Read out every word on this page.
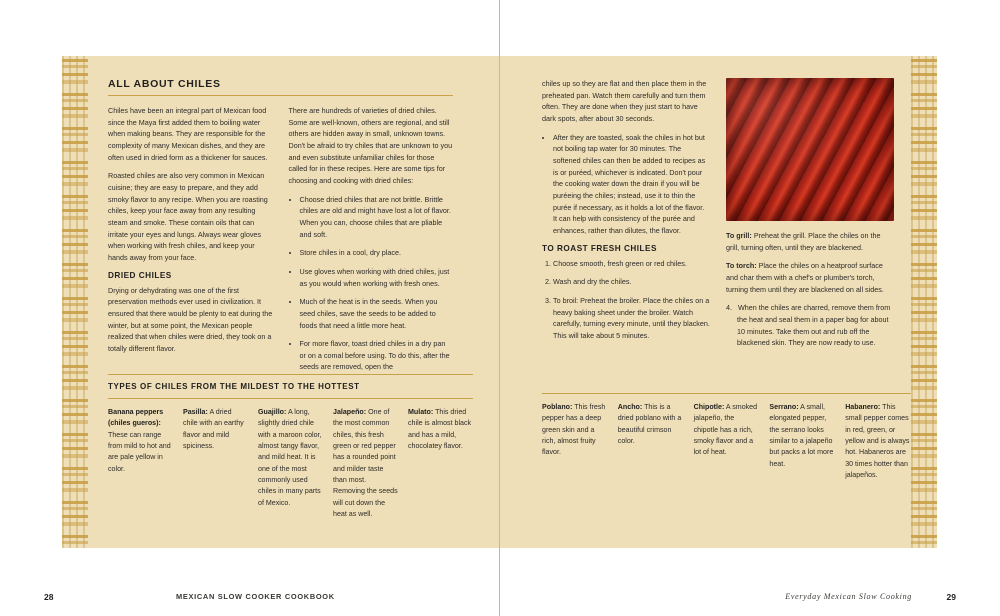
ALL ABOUT CHILES

Chiles have been an integral part of Mexican food since the Maya first added them to boiling water when making beans. They are responsible for the complexity of many Mexican dishes, and they are often used in dried form as a thickener for sauces.

Roasted chiles are also very common in Mexican cuisine; they are easy to prepare, and they add smoky flavor to any recipe. When you are roasting chiles, keep your face away from any resulting steam and smoke. These contain oils that can irritate your eyes and lungs. Always wear gloves when working with fresh chiles, and keep your hands away from your face.

DRIED CHILES

Drying or dehydrating was one of the first preservation methods ever used in civilization. It ensured that there would be plenty to eat during the winter, but at some point, the Mexican people realized that when chiles were dried, they took on a totally different flavor.

There are hundreds of varieties of dried chiles. Some are well-known, others are regional, and still others are hidden away in small, unknown towns. Don't be afraid to try chiles that are unknown to you and even substitute unfamiliar chiles for those called for in these recipes. Here are some tips for choosing and cooking with dried chiles:

• Choose dried chiles that are not brittle. Brittle chiles are old and might have lost a lot of flavor. When you can, choose chiles that are pliable and soft.
• Store chiles in a cool, dry place.
• Use gloves when working with dried chiles, just as you would when working with fresh ones.
• Much of the heat is in the seeds. When you seed chiles, save the seeds to be added to foods that need a little more heat.
• For more flavor, toast dried chiles in a dry pan or on a comal before using. To do this, after the seeds are removed, open the
TYPES OF CHILES FROM THE MILDEST TO THE HOTTEST
Banana peppers (chiles gueros): These can range from mild to hot and are pale yellow in color.
Pasilla: A dried chile with an earthy flavor and mild spiciness.
Guajillo: A long, slightly dried chile with a maroon color, almost tangy flavor, and mild heat. It is one of the most commonly used chiles in many parts of Mexico.
Jalapeño: One of the most common chiles, this fresh green or red pepper has a rounded point and milder taste than most. Removing the seeds will cut down the heat as well.
Mulato: This dried chile is almost black and has a mild, chocolatey flavor.

chiles up so they are flat and then place them in the preheated pan. Watch them carefully and turn them often. They are done when they just start to have dark spots, after about 30 seconds.

• After they are toasted, soak the chiles in hot but not boiling tap water for 30 minutes. The softened chiles can then be added to recipes as is or puréed, whichever is indicated. Don't pour the cooking water down the drain if you will be puréeing the chiles; instead, use it to thin the purée if necessary, as it holds a lot of the flavor. It can help with consistency of the purée and enhances, rather than dilutes, the flavor.
TO ROAST FRESH CHILES
1. Choose smooth, fresh green or red chiles.
2. Wash and dry the chiles.
3. To broil: Preheat the broiler. Place the chiles on a heavy baking sheet under the broiler. Watch carefully, turning every minute, until they blacken. This will take about 5 minutes.

To grill: Preheat the grill. Place the chiles on the grill, turning often, until they are blackened.

To torch: Place the chiles on a heatproof surface and char them with a chef's or plumber's torch, turning them until they are blackened on all sides.

4. When the chiles are charred, remove them from the heat and seal them in a paper bag for about 10 minutes. Take them out and rub off the blackened skin. They are now ready to use.

Poblano: This fresh pepper has a deep green skin and a rich, almost fruity flavor.
Ancho: This is a dried poblano with a beautiful crimson color.
Chipotle: A smoked jalapeño, the chipotle has a rich, smoky flavor and a lot of heat.
Serrano: A small, elongated pepper, the serrano looks similar to a jalapeño but packs a lot more heat.
Habanero: This small pepper comes in red, green, or yellow and is always hot. Habaneros are 30 times hotter than jalapeños.
28	MEXICAN SLOW COOKER COOKBOOK	Everyday Mexican Slow Cooking	29
